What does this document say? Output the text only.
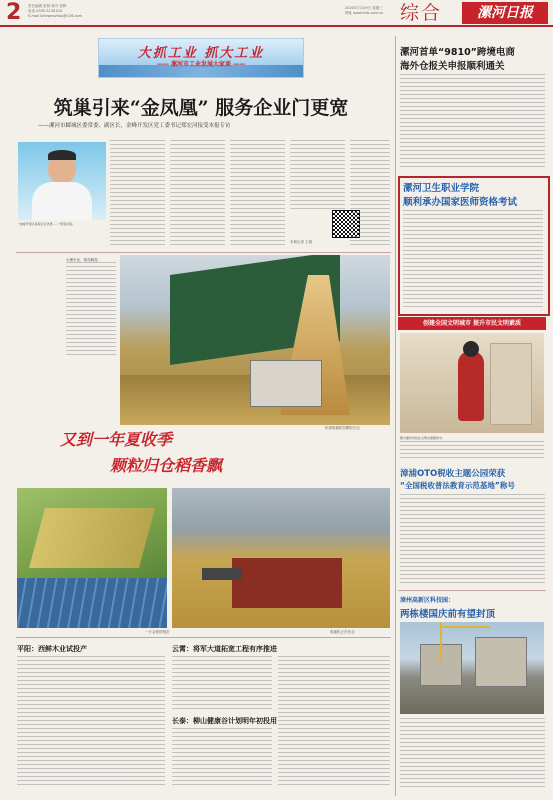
2 责任编辑 张林 校对 张辉
电话 0395-3130104
E-mail luhewenzhou@126.com
2020年7月29日 星期三
网址 www.lhrb.com.cn 综合	漯河日报
大抓工业 抓大工业
—— 漯河市工业发展大家谈 ——
筑巢引来“金凤凰” 服务企业门更宽
——漯河市郾城区委常委、副区长，金峰开发区党工委书记郑宏河接受本报专访
“金峰开发区具有区位优势……”郑宏河说。
本报记者 王睿
大暑未至，稻谷飘香。
机械收割稻谷颗粒归仓
又到一年夏收季
颗粒归仓稻香飘
一片金黄的稻田	收割机正在作业
平阳：西鲜木业试投产	云霄：将军大道拓宽工程有序推进
长泰：柳山健康谷计划明年初投用
漯河首单“9810”跨境电商
海外仓报关申报顺利通关
漯河卫生职业学院
顺利承办国家医师资格考试
创建全国文明城市 提升市民文明素质
图为漯河市民在文明志愿服务中。
漳浦OTO税收主题公园荣获
“全国税收普法教育示范基地”称号
漳州高新区科技园：
两栋楼国庆前有望封顶
